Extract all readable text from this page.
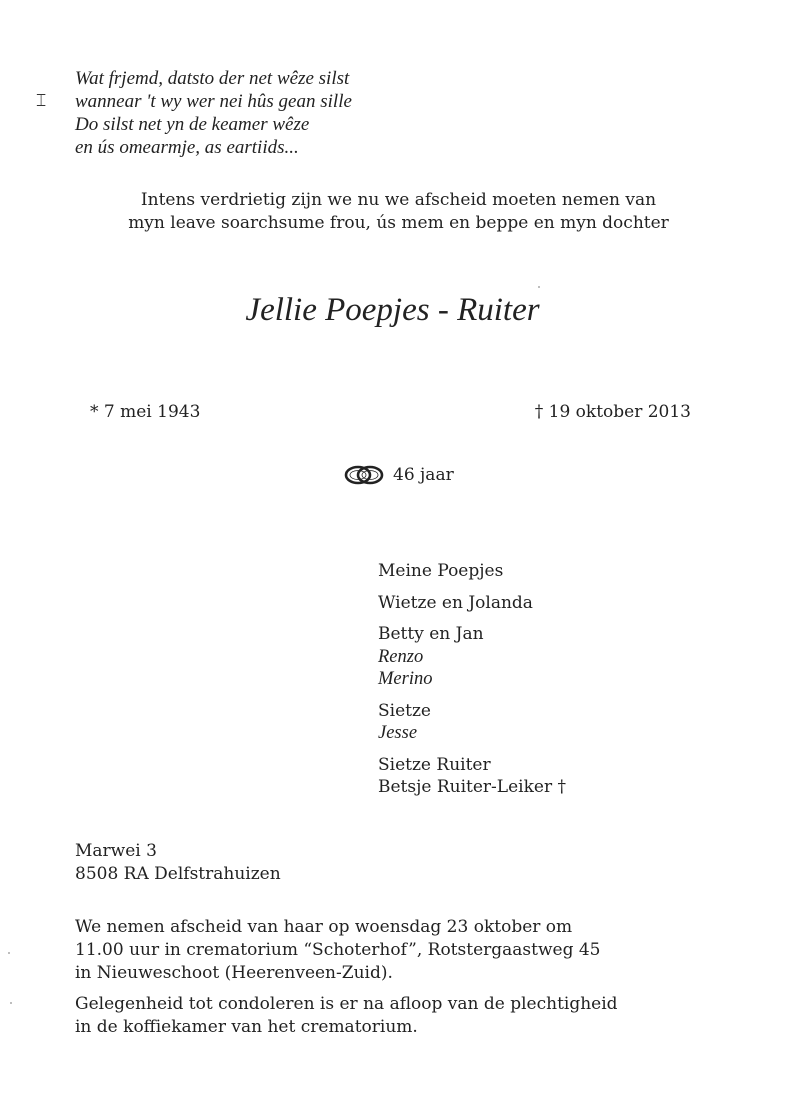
⌶
Wat frjemd, datsto der net wêze silst
wannear 't wy wer nei hûs gean sille
Do silst net yn de keamer wêze
en ús omearmje, as eartiids...
Intens verdrietig zijn we nu we afscheid moeten nemen van
myn leave soarchsume frou, ús mem en beppe en myn dochter
Jellie Poepjes - Ruiter
* 7 mei 1943	† 19 oktober 2013
46 jaar
Meine Poepjes
Wietze en Jolanda
Betty en Jan
Renzo
Merino
Sietze
Jesse
Sietze Ruiter
Betsje Ruiter-Leiker †
Marwei 3
8508 RA Delfstrahuizen
We nemen afscheid van haar op woensdag 23 oktober om
11.00 uur in crematorium “Schoterhof”, Rotstergaastweg 45
in Nieuweschoot (Heerenveen-Zuid).
Gelegenheid tot condoleren is er na afloop van de plechtigheid
in de koffiekamer van het crematorium.
